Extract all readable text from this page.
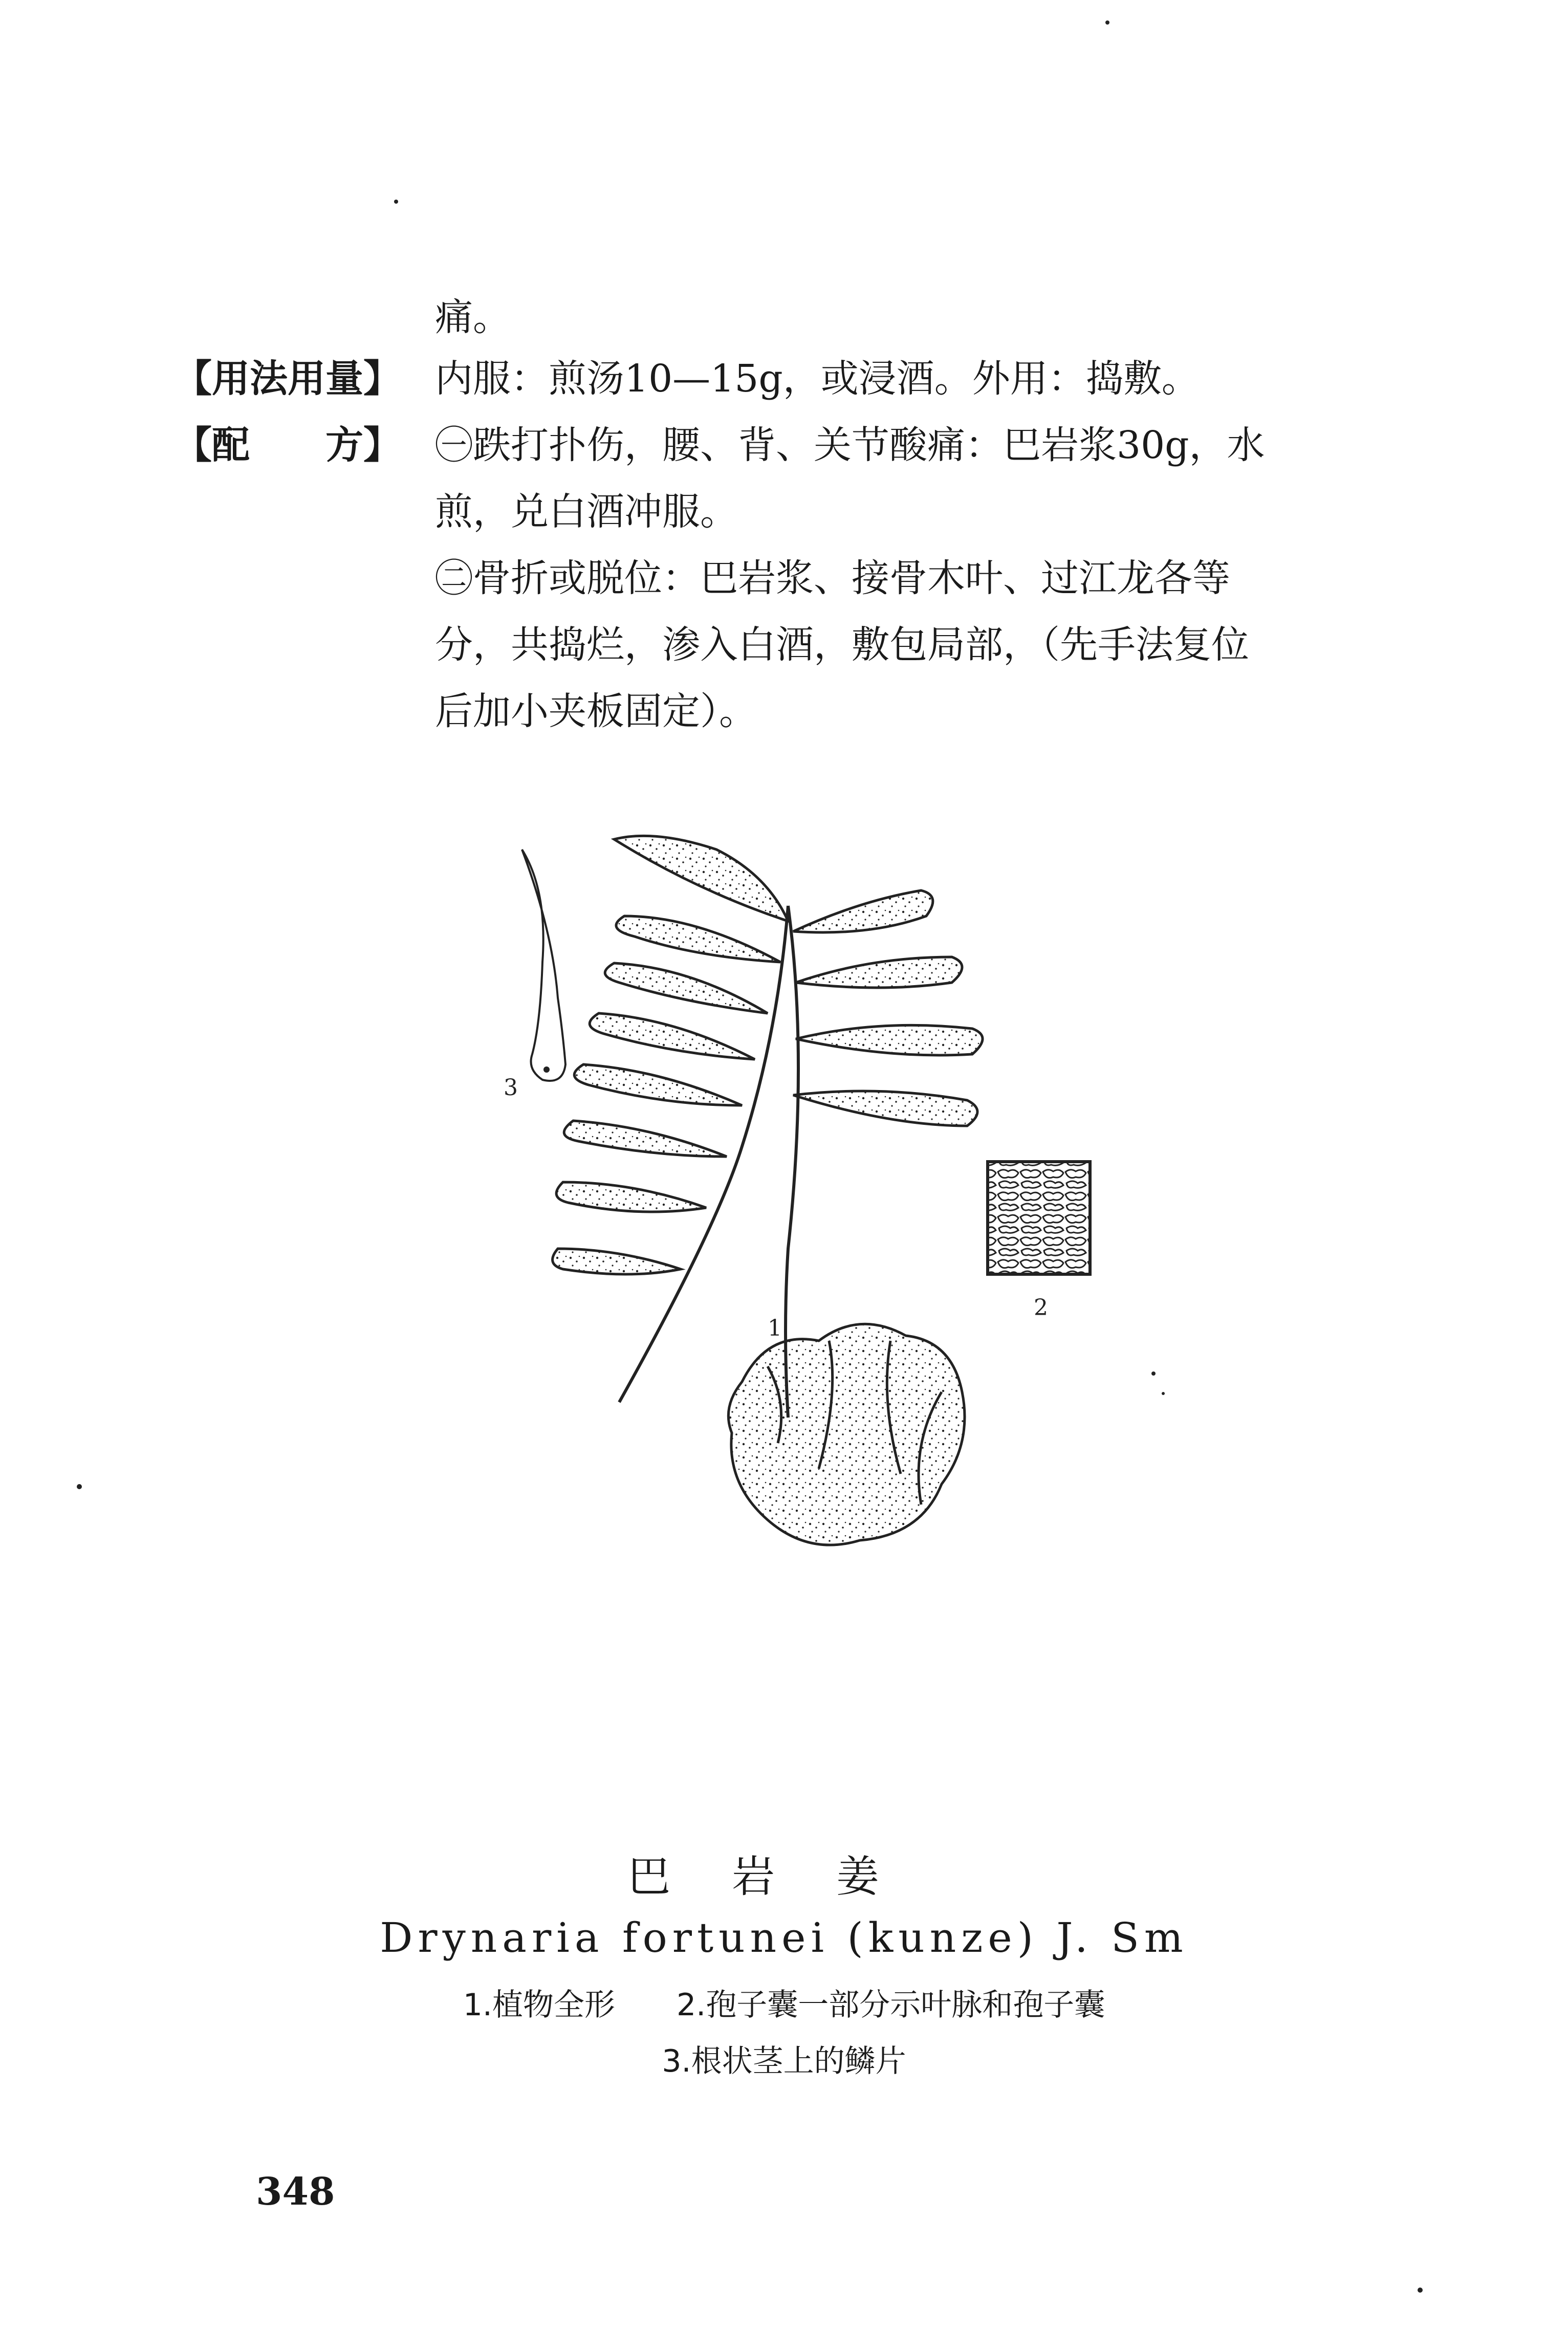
痛。
【用法用量】 内服：煎汤10—15g，或浸酒。外用：捣敷。
【配　　方】 ㊀跌打扑伤，腰、背、关节酸痛：巴岩浆30g，水
煎，兑白酒冲服。
㊁骨折或脱位：巴岩浆、接骨木叶、过江龙各等
分，共捣烂，渗入白酒，敷包局部，（先手法复位
后加小夹板固定）。
3
2
1
巴岩姜
Drynaria fortunei (kunze) J. Sm
1.植物全形　　2.孢子囊一部分示叶脉和孢子囊
3.根状茎上的鳞片
348
